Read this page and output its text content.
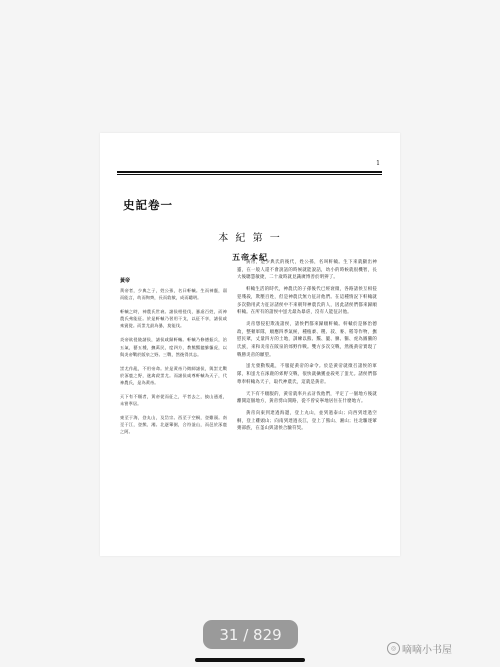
1
史記卷一
本 紀 第 一
五帝本紀
黃帝

黃帝者，少典之子，姓公孫，名曰軒轅。生而神靈，弱而能言，幼而徇齊，長而敦敏，成而聰明。

軒轅之時，神農氏世衰。諸侯相侵伐，暴虐百姓，而神農氏弗能征。於是軒轅乃習用干戈，以征不享，諸侯咸來賓從。而蚩尤最為暴，莫能伐。

炎帝欲侵陵諸侯，諸侯咸歸軒轅。軒轅乃修德振兵，治五氣，藝五種，撫萬民，度四方，教熊羆貔貅貙虎，以與炎帝戰於阪泉之野。三戰，然後得其志。

蚩尤作亂，不用帝命。於是黃帝乃徵師諸侯，與蚩尤戰於涿鹿之野，遂禽殺蚩尤。而諸侯咸尊軒轅為天子，代神農氏，是為黃帝。

天下有不順者，黃帝從而征之，平者去之，披山通道，未嘗寧居。

東至于海，登丸山，及岱宗。西至于空桐，登雞頭。南至于江，登熊、湘。北逐葷粥，合符釜山，而邑於涿鹿之阿。

黃帝，是少典氏的後代，姓公孫，名叫軒轅。生下來就顯出神靈，在一般人還不會說話的時候就能說話，幼小的時候就很機智，長大後聰慧敏捷，二十歲時就見識廣博善於明辨了。

軒轅生活的時代，神農氏的子孫後代已經衰微，各路諸侯互相侵犯殘殺，欺壓百姓，但是神農氏無力征討他們。在這種情況下軒轅就多次動用武力征討諸侯中不來朝拜神農氏的人，因此諸侯們都來歸順軒轅。在所有的諸侯中蚩尤最為暴虐，沒有人能征討他。

炎帝想侵犯欺凌諸侯，諸侯們都來歸順軒轅。軒轅於是修治德政，整頓軍隊，順應四季氣候，種植黍、稷、菽、麥、稻等作物，撫慰民眾，丈量四方的土地，訓練以熊、羆、貔、貅、貙、虎為圖騰的氏族，來和炎帝在阪泉的郊野作戰。雙方多次交戰，然後黃帝實現了戰勝炎帝的願望。

蚩尤發動叛亂，不服從黃帝的命令。於是黃帝就徵召諸侯的軍隊，和蚩尤在涿鹿的郊野交戰，很快就擒獲並殺死了蚩尤。諸侯們都尊奉軒轅為天子，取代神農氏，這就是黃帝。

天下有不順服的，黃帝就率兵去討伐他們，平定了一個地方後就離開這個地方，黃帝劈山開路，從不曾安寧地居住在什麼地方。

黃帝向東到達過海邊，登上丸山，並到過泰山；向西到達過空桐，登上雞頭山；向南到達過長江，登上了熊山、湘山；往北驅逐葷粥部族，在釜山與諸侯合驗符契。

31 / 829
◎ 嘀嘀小书屋
